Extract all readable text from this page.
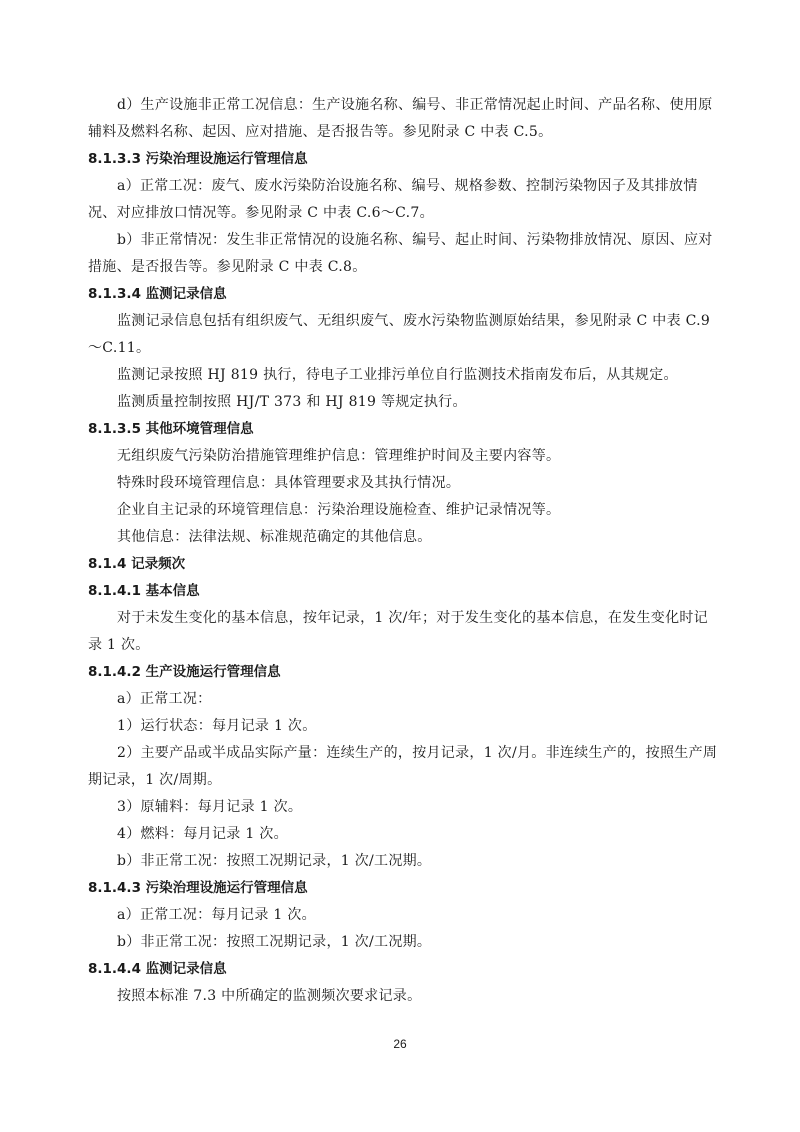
d）生产设施非正常工况信息：生产设施名称、编号、非正常情况起止时间、产品名称、使用原辅料及燃料名称、起因、应对措施、是否报告等。参见附录 C 中表 C.5。

8.1.3.3 污染治理设施运行管理信息

a）正常工况：废气、废水污染防治设施名称、编号、规格参数、控制污染物因子及其排放情况、对应排放口情况等。参见附录 C 中表 C.6～C.7。

b）非正常情况：发生非正常情况的设施名称、编号、起止时间、污染物排放情况、原因、应对措施、是否报告等。参见附录 C 中表 C.8。

8.1.3.4 监测记录信息

监测记录信息包括有组织废气、无组织废气、废水污染物监测原始结果，参见附录 C 中表 C.9～C.11。

监测记录按照 HJ 819 执行，待电子工业排污单位自行监测技术指南发布后，从其规定。

监测质量控制按照 HJ/T 373 和 HJ 819 等规定执行。

8.1.3.5 其他环境管理信息

无组织废气污染防治措施管理维护信息：管理维护时间及主要内容等。

特殊时段环境管理信息：具体管理要求及其执行情况。

企业自主记录的环境管理信息：污染治理设施检查、维护记录情况等。

其他信息：法律法规、标准规范确定的其他信息。

8.1.4 记录频次
8.1.4.1 基本信息

对于未发生变化的基本信息，按年记录，1 次/年；对于发生变化的基本信息，在发生变化时记录 1 次。

8.1.4.2 生产设施运行管理信息

a）正常工况：

1）运行状态：每月记录 1 次。

2）主要产品或半成品实际产量：连续生产的，按月记录，1 次/月。非连续生产的，按照生产周期记录，1 次/周期。

3）原辅料：每月记录 1 次。

4）燃料：每月记录 1 次。

b）非正常工况：按照工况期记录，1 次/工况期。

8.1.4.3 污染治理设施运行管理信息

a）正常工况：每月记录 1 次。

b）非正常工况：按照工况期记录，1 次/工况期。

8.1.4.4 监测记录信息

按照本标准 7.3 中所确定的监测频次要求记录。

26
